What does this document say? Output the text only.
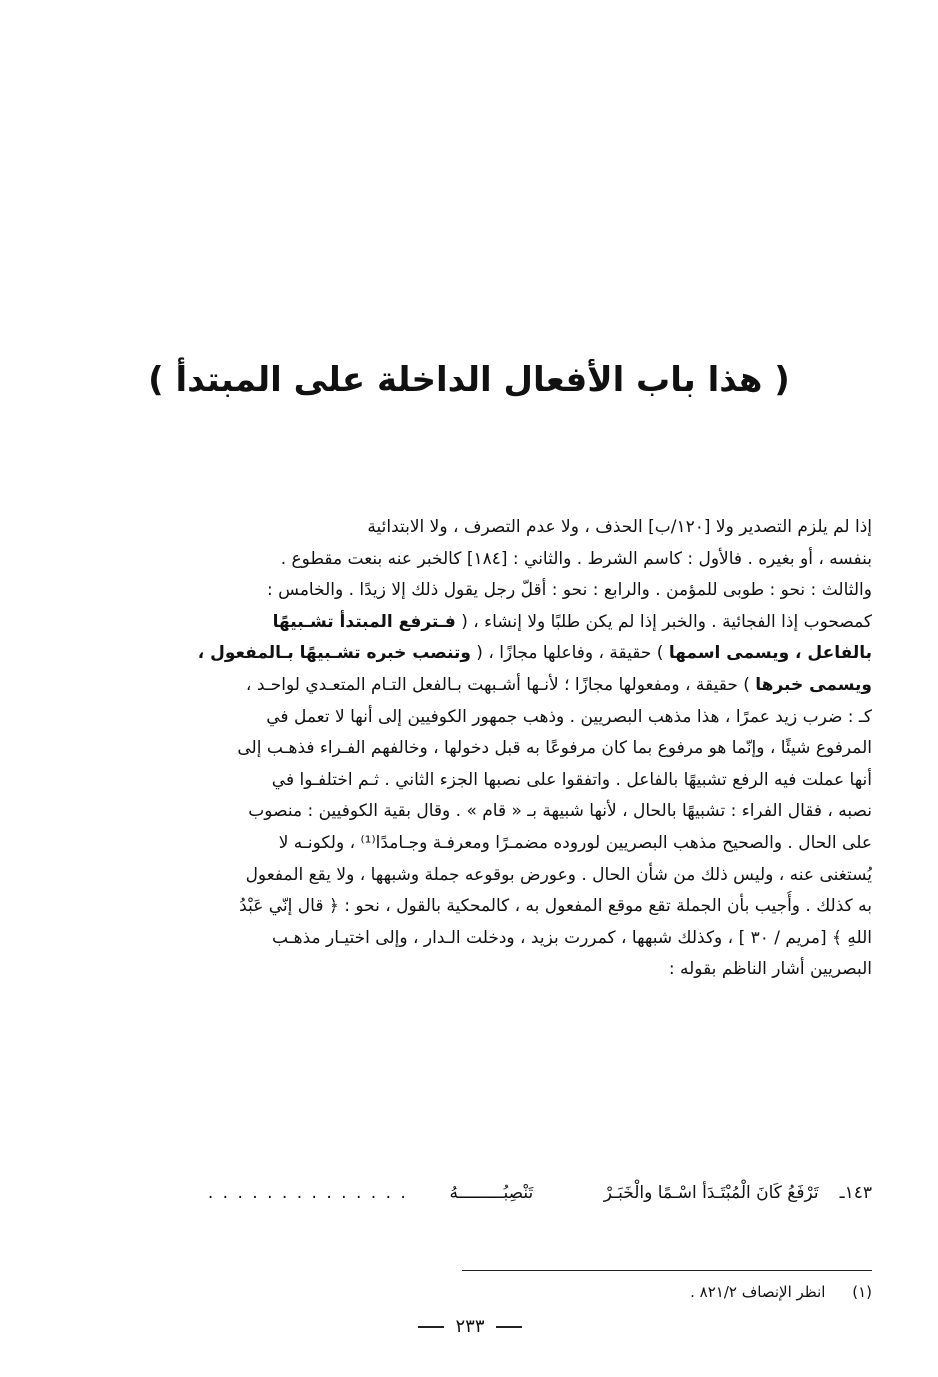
( هذا باب الأفعال الداخلة على المبتدأ )
إذا لم يلزم التصدير ولا [١٢٠/ب] الحذف ، ولا عدم التصرف ، ولا الابتدائية
بنفسه ، أو بغيره . فالأول : كاسم الشرط . والثاني : [١٨٤] كالخبر عنه بنعت مقطوع .
والثالث : نحو : طوبى للمؤمن . والرابع : نحو : أقلّ رجل يقول ذلك إلا زيدًا . والخامس :
كمصحوب إذا الفجائية . والخبر إذا لم يكن طلبًا ولا إنشاء ، ( فـترفع المبتدأ تشـبيهًا
بالفاعل ، ويسمى اسمها ) حقيقة ، وفاعلها مجازًا ، ( وتنصب خبره تشـبيهًا بـالمفعول ،
ويسمى خبرها ) حقيقة ، ومفعولها مجازًا ؛ لأنـها أشـبهت بـالفعل التـام المتعـدي لواحـد ،
كـ : ضرب زيد عمرًا ، هذا مذهب البصريين . وذهب جمهور الكوفيين إلى أنها لا تعمل في
المرفوع شيئًا ، وإنّما هو مرفوع بما كان مرفوعًا به قبل دخولها ، وخالفهم الفـراء فذهـب إلى
أنها عملت فيه الرفع تشبيهًا بالفاعل . واتفقوا على نصبها الجزء الثاني . ثـم اختلفـوا في
نصبه ، فقال الفراء : تشبيهًا بالحال ، لأنها شبيهة بـ « قام » . وقال بقية الكوفيين : منصوب
على الحال . والصحيح مذهب البصريين لوروده مضمـرًا ومعرفـة وجـامدًا⁽¹⁾ ، ولكونـه لا
يُستغنى عنه ، وليس ذلك من شأن الحال . وعورض بوقوعه جملة وشبهها ، ولا يقع المفعول
به كذلك . وأُجيب بأن الجملة تقع موقع المفعول به ، كالمحكية بالقول ، نحو : ﴿ قال إنّي عَبْدُ
اللهِ ﴾ [مريم / ٣٠ ] ، وكذلك شبهها ، كمررت بزيد ، ودخلت الـدار ، وإلى اختيـار مذهـب
البصريين أشار الناظم بقوله :
١٤٣ـ تَرْفَعُ كَانَ الْمُبْتَـدَأ اسْـمًا والْخَبَـرْ تَنْصِبُـــــــــهُ . . . . . . . . . . . . . .
(١) انظر الإنصاف ٨٢١/٢ .
٢٣٣
